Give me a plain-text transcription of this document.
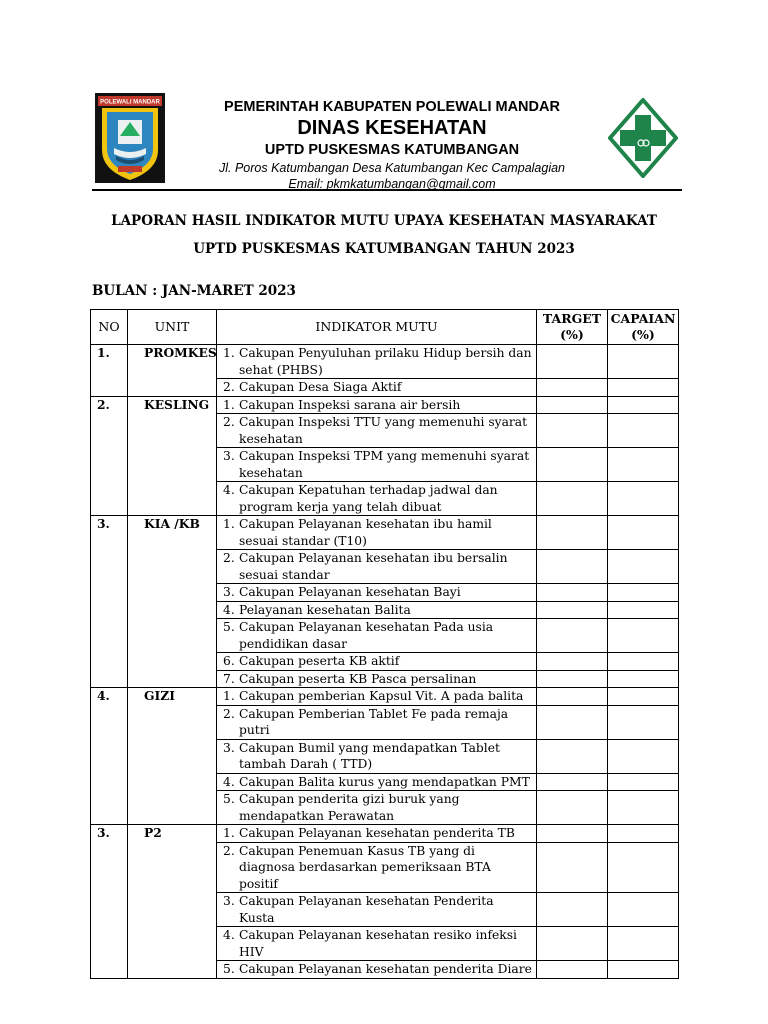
POLEWALI MANDAR	PEMERINTAH KABUPATEN POLEWALI MANDAR
DINAS KESEHATAN
UPTD PUSKESMAS KATUMBANGAN
Jl. Poros Katumbangan Desa Katumbangan Kec Campalagian
Email: pkmkatumbangan@gmail.com
LAPORAN HASIL INDIKATOR MUTU UPAYA KESEHATAN MASYARAKAT
UPTD PUSKESMAS KATUMBANGAN TAHUN 2023
BULAN : JAN-MARET 2023
NO	UNIT	INDIKATOR MUTU	TARGET (%)	CAPAIAN (%)
1.	PROMKES	1. Cakupan Penyuluhan prilaku Hidup bersih dan sehat (PHBS)		

		2. Cakupan Desa Siaga Aktif		

2.	KESLING	1. Cakupan Inspeksi sarana air bersih		

		2. Cakupan Inspeksi TTU yang memenuhi syarat kesehatan		

		3. Cakupan Inspeksi TPM yang memenuhi syarat kesehatan		

		4. Cakupan Kepatuhan terhadap jadwal dan program kerja yang telah dibuat		

3.	KIA /KB	1. Cakupan Pelayanan kesehatan ibu hamil sesuai standar (T10)		

		2. Cakupan Pelayanan kesehatan ibu bersalin sesuai standar		

		3. Cakupan Pelayanan kesehatan Bayi		

		4. Pelayanan kesehatan Balita		

		5. Cakupan Pelayanan kesehatan Pada usia pendidikan dasar		

		6. Cakupan peserta KB aktif		

		7. Cakupan peserta KB Pasca persalinan		

4.	GIZI	1. Cakupan pemberian Kapsul Vit. A pada balita		

		2. Cakupan Pemberian Tablet Fe pada remaja putri		

		3. Cakupan Bumil yang mendapatkan Tablet tambah Darah ( TTD)		

		4. Cakupan Balita kurus yang mendapatkan PMT		

		5. Cakupan penderita gizi buruk yang mendapatkan Perawatan		

3.	P2	1. Cakupan Pelayanan kesehatan penderita TB		

		2. Cakupan Penemuan Kasus TB yang di diagnosa berdasarkan pemeriksaan BTA positif		

		3. Cakupan Pelayanan kesehatan Penderita Kusta		

		4. Cakupan Pelayanan kesehatan resiko infeksi HIV		

		5. Cakupan Pelayanan kesehatan penderita Diare		
